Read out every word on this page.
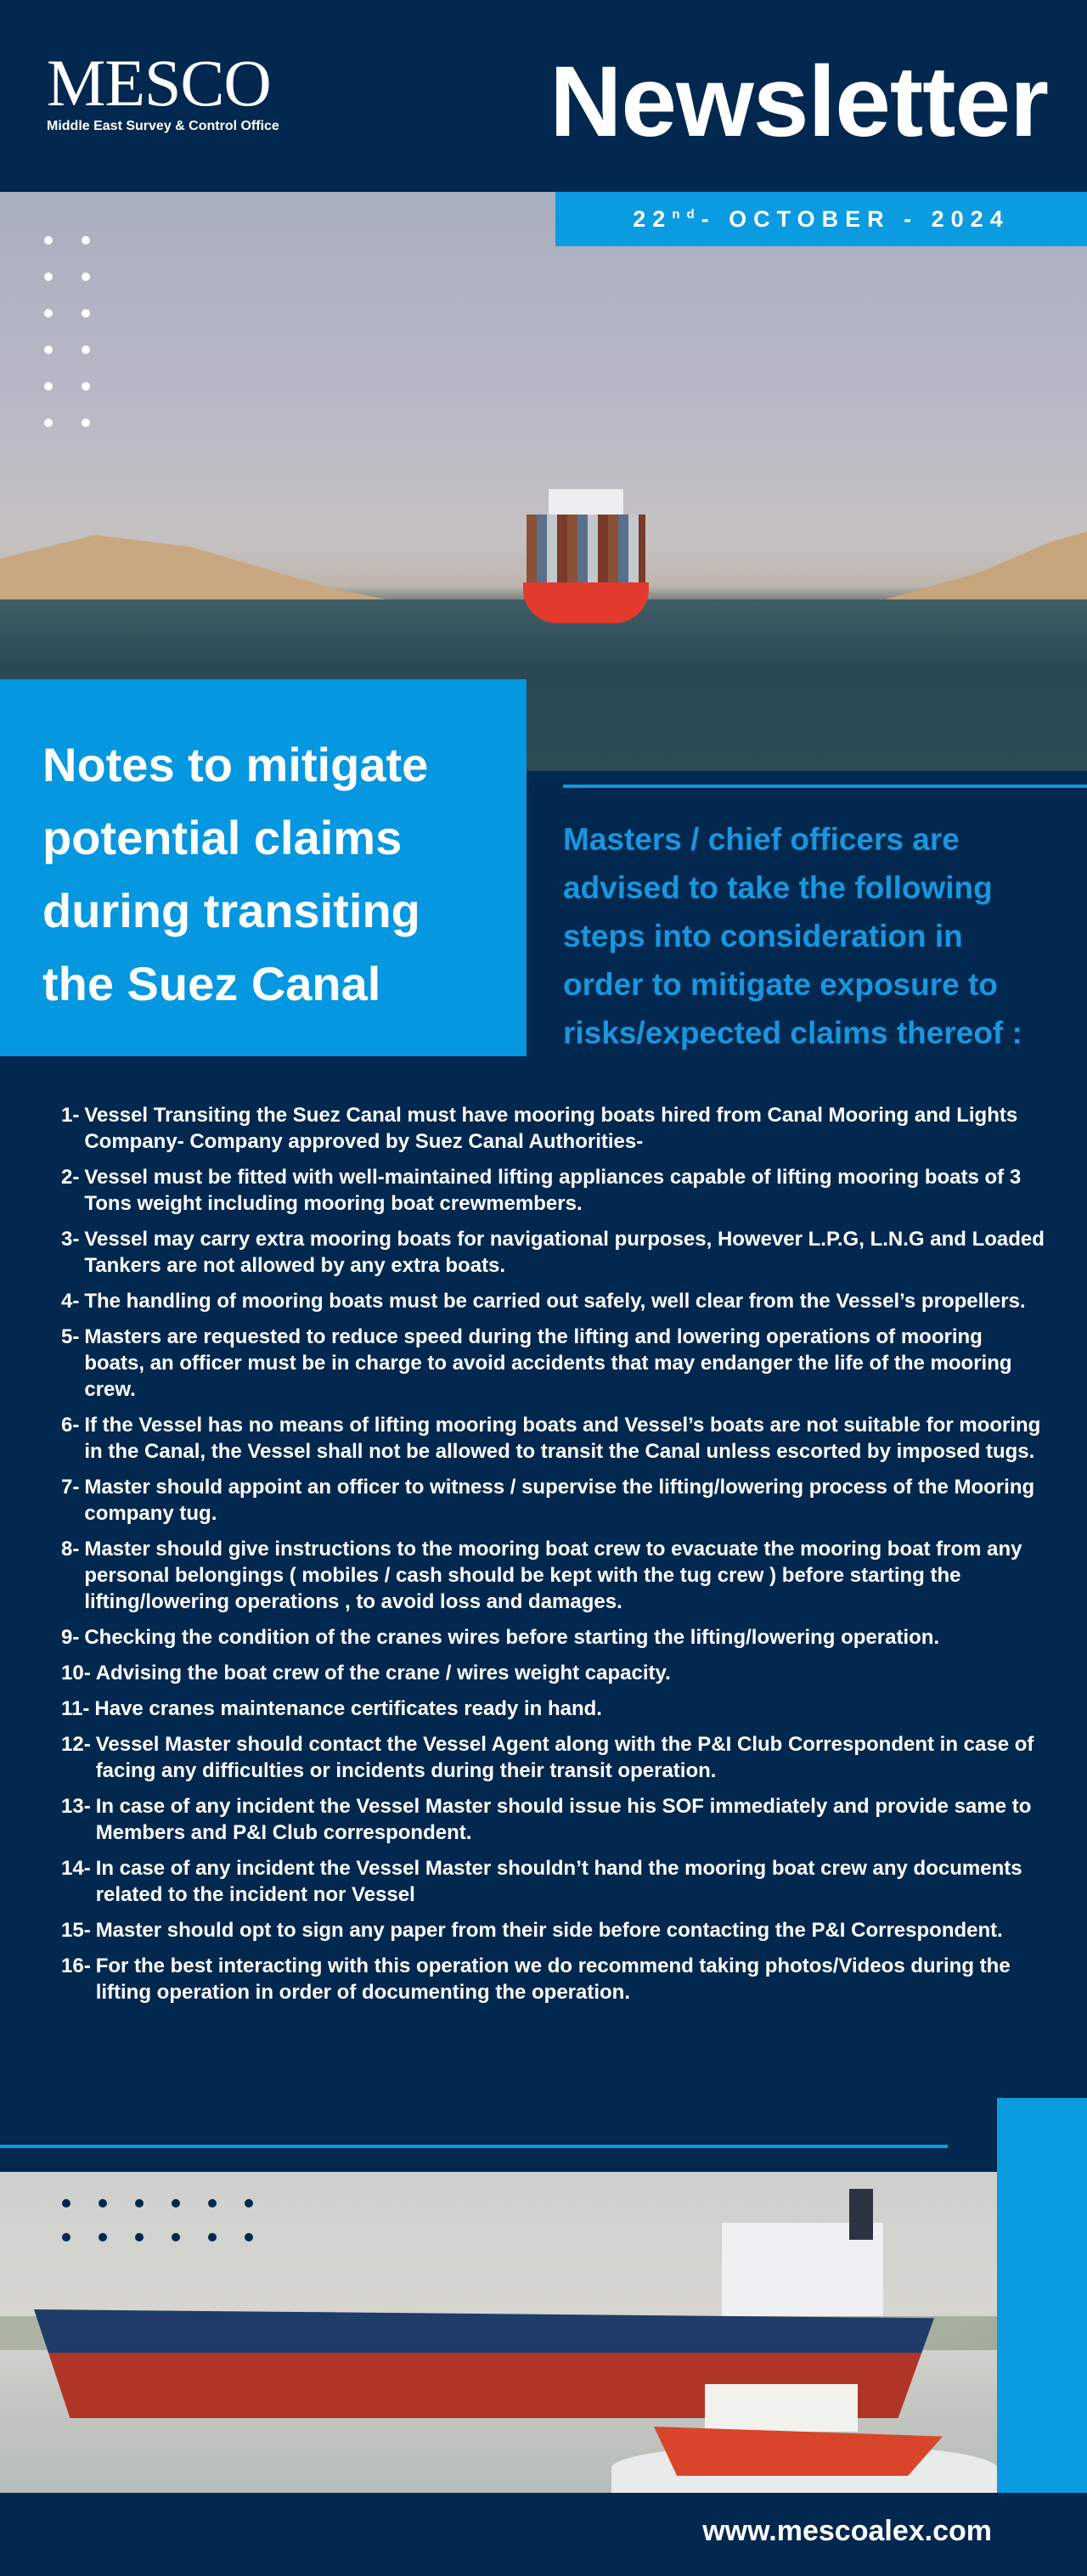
MESCO
Middle East Survey & Control Office	Newsletter
22nd - OCTOBER - 2024
Notes to mitigate
potential claims
during transiting
the Suez Canal
Masters / chief officers are
advised to take the following
steps into consideration in
order to mitigate exposure to
risks/expected claims thereof :
1- Vessel Transiting the Suez Canal must have mooring boats hired from Canal Mooring and Lights Company- Company approved by Suez Canal Authorities-
2- Vessel must be fitted with well-maintained lifting appliances capable of lifting mooring boats of 3 Tons weight including mooring boat crewmembers.
3- Vessel may carry extra mooring boats for navigational purposes, However L.P.G, L.N.G and Loaded Tankers are not allowed by any extra boats.
4- The handling of mooring boats must be carried out safely, well clear from the Vessel’s propellers.
5- Masters are requested to reduce speed during the lifting and lowering operations of mooring boats, an officer must be in charge to avoid accidents that may endanger the life of the mooring crew.
6- If the Vessel has no means of lifting mooring boats and Vessel’s boats are not suitable for mooring in the Canal, the Vessel shall not be allowed to transit the Canal unless escorted by imposed tugs.
7- Master should appoint an officer to witness / supervise the lifting/lowering process of the Mooring company tug.
8- Master should give instructions to the mooring boat crew to evacuate the mooring boat from any personal belongings ( mobiles / cash should be kept with the tug crew ) before starting the lifting/lowering operations , to avoid loss and damages.
9- Checking the condition of the cranes wires before starting the lifting/lowering operation.
10- Advising the boat crew of the crane / wires weight capacity.
11- Have cranes maintenance certificates ready in hand.
12- Vessel Master should contact the Vessel Agent along with the P&I Club Correspondent in case of facing any difficulties or incidents during their transit operation.
13- In case of any incident the Vessel Master should issue his SOF immediately and provide same to Members and P&I Club correspondent.
14- In case of any incident the Vessel Master shouldn’t hand the mooring boat crew any documents related to the incident nor Vessel
15- Master should opt to sign any paper from their side before contacting the P&I Correspondent.
16- For the best interacting with this operation we do recommend taking photos/Videos during the lifting operation in order of documenting the operation.
www.mescoalex.com
